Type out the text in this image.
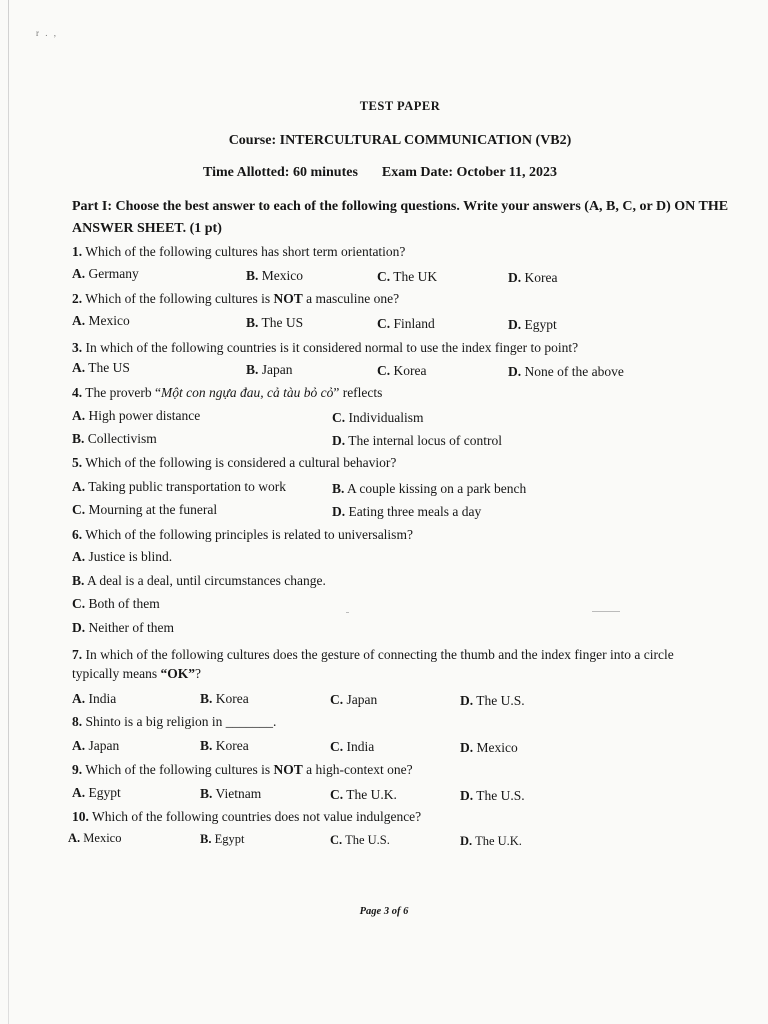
r . ,
TEST PAPER
Course: INTERCULTURAL COMMUNICATION (VB2)
Time Allotted: 60 minutes Exam Date: October 11, 2023
Part I: Choose the best answer to each of the following questions. Write your answers (A, B, C, or D) ON THE ANSWER SHEET. (1 pt)
1. Which of the following cultures has short term orientation?
A. Germany	B. Mexico	C. The UK	D. Korea
2. Which of the following cultures is NOT a masculine one?
A. Mexico	B. The US	C. Finland	D. Egypt
3. In which of the following countries is it considered normal to use the index finger to point?
A. The US	B. Japan	C. Korea	D. None of the above
4. The proverb “Một con ngựa đau, cả tàu bỏ cỏ” reflects
A. High power distance	C. Individualism
B. Collectivism	D. The internal locus of control
5. Which of the following is considered a cultural behavior?
A. Taking public transportation to work	B. A couple kissing on a park bench
C. Mourning at the funeral	D. Eating three meals a day
6. Which of the following principles is related to universalism?
A. Justice is blind.
B. A deal is a deal, until circumstances change.
C. Both of them
D. Neither of them
7. In which of the following cultures does the gesture of connecting the thumb and the index finger into a circle
typically means “OK”?
A. India	B. Korea	C. Japan	D. The U.S.
8. Shinto is a big religion in _______.
A. Japan	B. Korea	C. India	D. Mexico
9. Which of the following cultures is NOT a high-context one?
A. Egypt	B. Vietnam	C. The U.K.	D. The U.S.
10. Which of the following countries does not value indulgence?
A. Mexico	B. Egypt	C. The U.S.	D. The U.K.
Page 3 of 6
